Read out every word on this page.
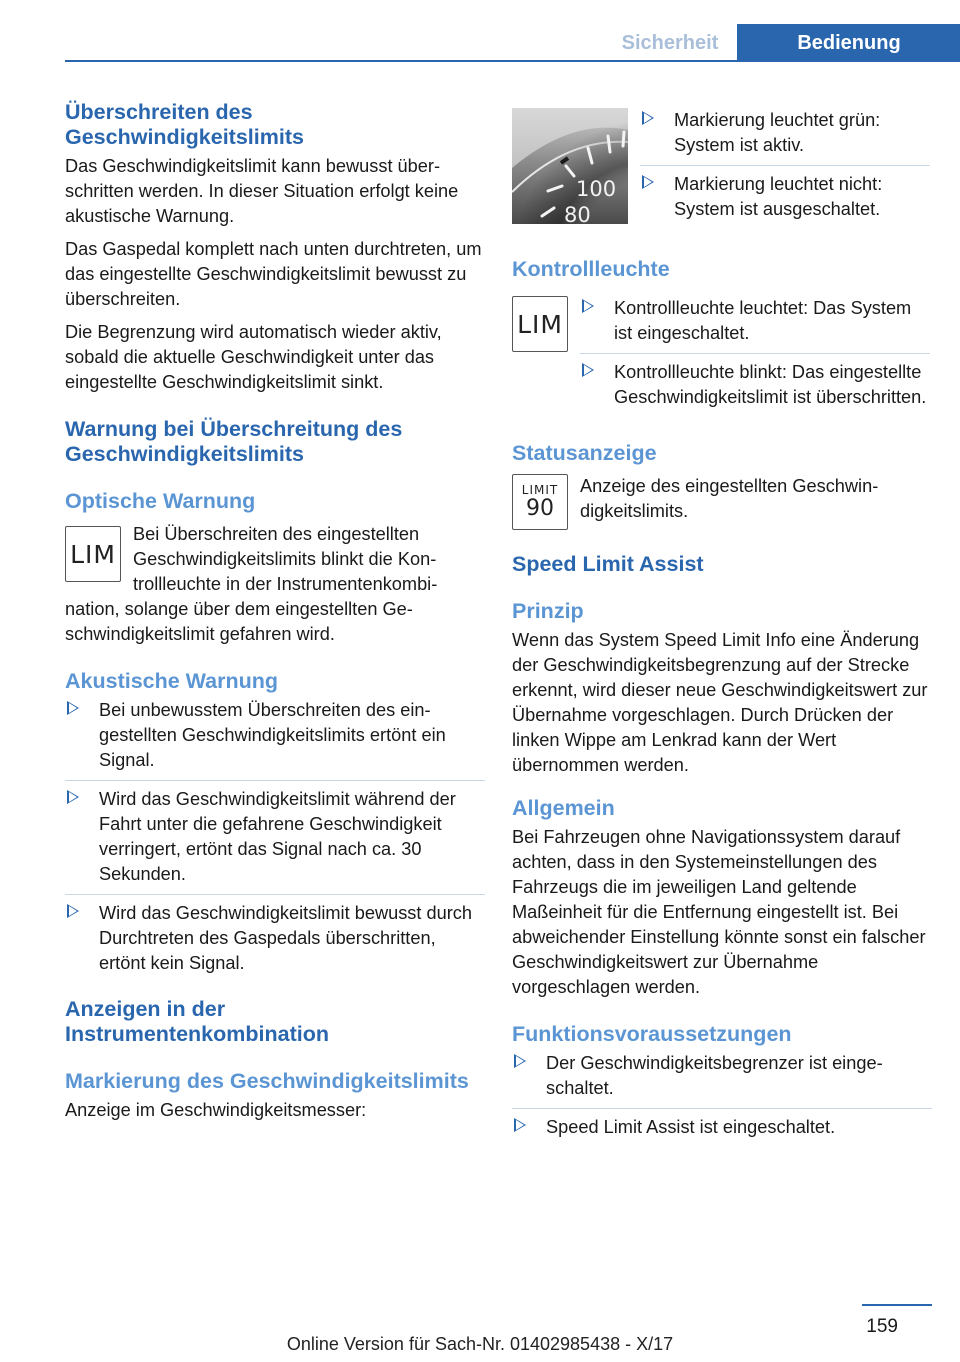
Sicherheit	Bedienung
Überschreiten des Geschwindigkeitslimits

Das Geschwindigkeitslimit kann bewusst überschritten werden. In dieser Situation erfolgt keine akustische Warnung.

Das Gaspedal komplett nach unten durchtreten, um das eingestellte Geschwindigkeitslimit bewusst zu überschreiten.

Die Begrenzung wird automatisch wieder aktiv, sobald die aktuelle Geschwindigkeit unter das eingestellte Geschwindigkeitslimit sinkt.

Warnung bei Überschreitung des Geschwindigkeitslimits
Optische Warnung
LIM

Bei Überschreiten des eingestellten Geschwindigkeitslimits blinkt die Kontrollleuchte in der Instrumentenkombination, solange über dem eingestellten Geschwindigkeitslimit gefahren wird.

Akustische Warnung
Bei unbewusstem Überschreiten des eingestellten Geschwindigkeitslimits ertönt ein Signal.
Wird das Geschwindigkeitslimit während der Fahrt unter die gefahrene Geschwindigkeit verringert, ertönt das Signal nach ca. 30 Sekunden.
Wird das Geschwindigkeitslimit bewusst durch Durchtreten des Gaspedals überschritten, ertönt kein Signal.
Anzeigen in der Instrumentenkombination
Markierung des Geschwindigkeitslimits

Anzeige im Geschwindigkeitsmesser:

100
80
Markierung leuchtet grün: System ist aktiv.
Markierung leuchtet nicht: System ist ausgeschaltet.
Kontrollleuchte
LIM
Kontrollleuchte leuchtet: Das System ist eingeschaltet.
Kontrollleuchte blinkt: Das eingestellte Geschwindigkeitslimit ist überschritten.
Statusanzeige
LIMIT
90

Anzeige des eingestellten Geschwindigkeitslimits.

Speed Limit Assist
Prinzip

Wenn das System Speed Limit Info eine Änderung der Geschwindigkeitsbegrenzung auf der Strecke erkennt, wird dieser neue Geschwindigkeitswert zur Übernahme vorgeschlagen. Durch Drücken der linken Wippe am Lenkrad kann der Wert übernommen werden.

Allgemein

Bei Fahrzeugen ohne Navigationssystem darauf achten, dass in den Systemeinstellungen des Fahrzeugs die im jeweiligen Land geltende Maßeinheit für die Entfernung eingestellt ist. Bei abweichender Einstellung könnte sonst ein falscher Geschwindigkeitswert zur Übernahme vorgeschlagen werden.

Funktionsvoraussetzungen
Der Geschwindigkeitsbegrenzer ist eingeschaltet.
Speed Limit Assist ist eingeschaltet.
159
Online Version für Sach-Nr. 01402985438 - X/17
